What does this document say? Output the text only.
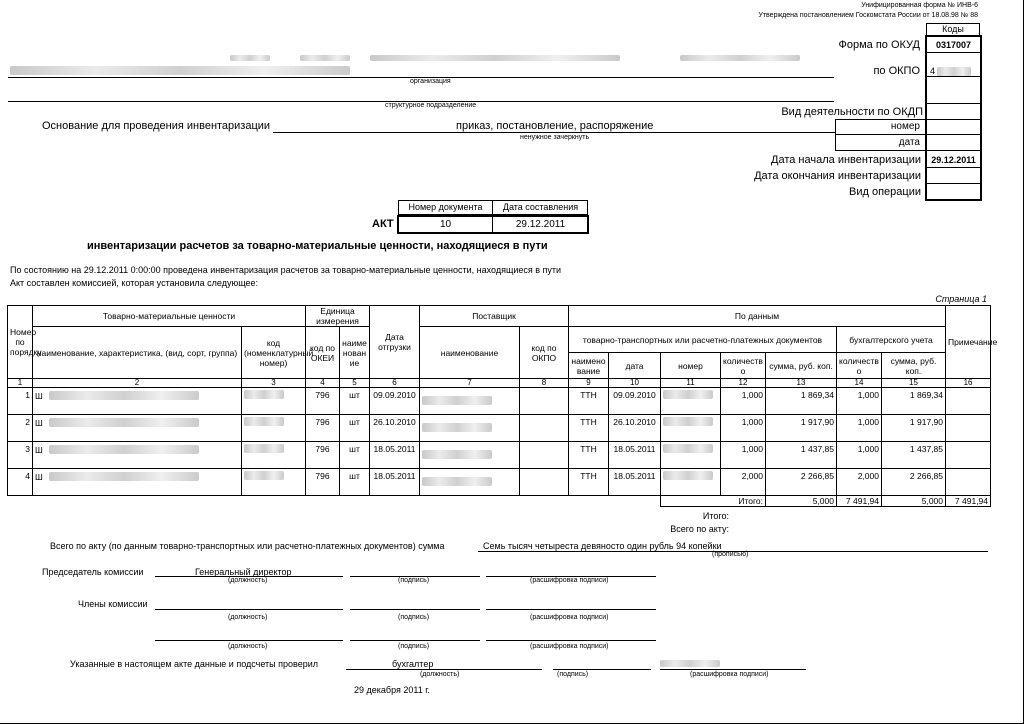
Унифицированная форма № ИНВ-6
Утверждена постановлением Госкомстата России от 18.08.98 № 88
Коды
Форма по ОКУД	0317007
по ОКПО 4
организация
структурное подразделение
Вид деятельности по ОКДП
Основание для проведения инвентаризации	приказ, постановление, распоряжение
ненужное зачеркнуть
номер
дата
Дата начала инвентаризации	29.12.2011
Дата окончания инвентаризации
Вид операции
Номер документа	Дата составления
АКТ	10	29.12.2011
инвентаризации расчетов за товарно-материальные ценности, находящиеся в пути
По состоянию на 29.12.2011 0:00:00 проведена инвентаризация расчетов за товарно-материальные ценности, находящиеся в пути
Акт составлен комиссией, которая установила следующее:
Страница 1
Номер по порядку	Товарно-материальные ценности		Единица измерения		Дата отгрузки	Поставщик		По данным							Примечание
	наименование, характеристика, (вид, сорт, группа)	код (номенклатурный номер)	код по ОКЕИ	наименование		наименование	код по ОКПО	товарно-транспортных или расчетно-платежных документов					бухгалтерского учета		
								наименование	дата	номер	количество	сумма, руб. коп.	количество	сумма, руб. коп.	
1	2	3	4	5	6	7	8	9	10	11	12	13	14	15	16
1	Ш		796	шт	09.09.2010			ТТН	09.09.2010		1,000	1 869,34	1,000	1 869,34	
2	Ш		796	шт	26.10.2010			ТТН	26.10.2010		1,000	1 917,90	1,000	1 917,90	
3	Ш		796	шт	18.05.2011			ТТН	18.05.2011		1,000	1 437,85	1,000	1 437,85	
4	Ш		796	шт	18.05.2011			ТТН	18.05.2011		2,000	2 266,85	2,000	2 266,85	
										Итого:		5,000	7 491,94	5,000	7 491,94
Итого:
Всего по акту:
Всего по акту (по данным товарно-транспортных или расчетно-платежных документов) сумма	Семь тысяч четыреста девяносто один рубль 94 копейки
(прописью)
Председатель комиссии	Генеральный директор
(должность)	(подпись)	(расшифровка подписи)
Члены комиссии
(должность)	(подпись)	(расшифровка подписи)
(должность)	(подпись)	(расшифровка подписи)
Указанные в настоящем акте данные и подсчеты проверил	бухгалтер
(должность)	(подпись)	(расшифровка подписи)
29 декабря 2011 г.
